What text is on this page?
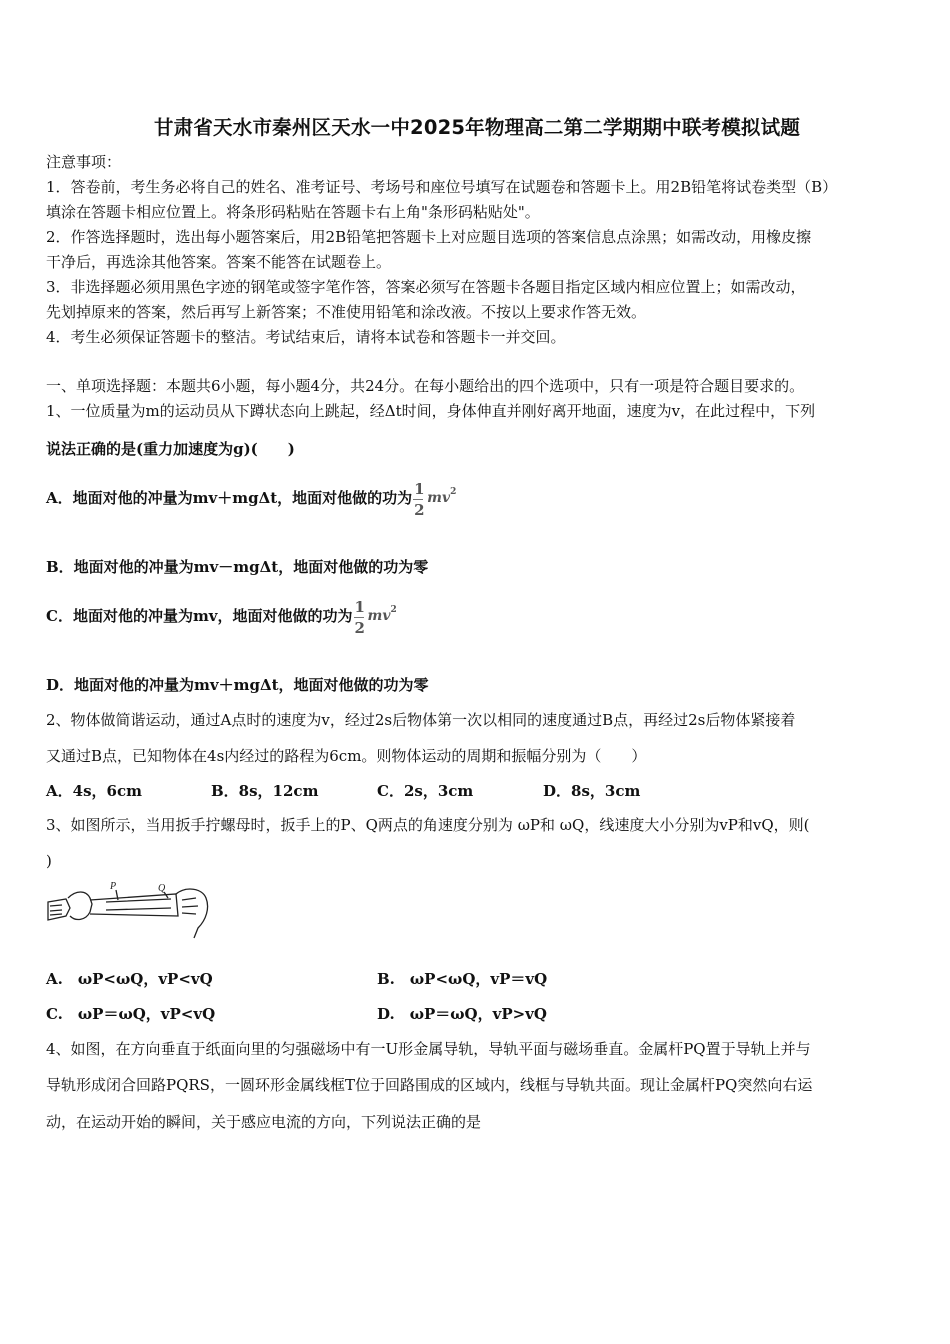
甘肃省天水市秦州区天水一中2025年物理高二第二学期期中联考模拟试题
注意事项：
1．答卷前，考生务必将自己的姓名、准考证号、考场号和座位号填写在试题卷和答题卡上。用2B铅笔将试卷类型（B）
填涂在答题卡相应位置上。将条形码粘贴在答题卡右上角"条形码粘贴处"。
2．作答选择题时，选出每小题答案后，用2B铅笔把答题卡上对应题目选项的答案信息点涂黑；如需改动，用橡皮擦
干净后，再选涂其他答案。答案不能答在试题卷上。
3．非选择题必须用黑色字迹的钢笔或签字笔作答，答案必须写在答题卡各题目指定区域内相应位置上；如需改动，
先划掉原来的答案，然后再写上新答案；不准使用铅笔和涂改液。不按以上要求作答无效。
4．考生必须保证答题卡的整洁。考试结束后，请将本试卷和答题卡一并交回。
一、单项选择题：本题共6小题，每小题4分，共24分。在每小题给出的四个选项中，只有一项是符合题目要求的。
1、一位质量为m的运动员从下蹲状态向上跳起，经Δt时间，身体伸直并刚好离开地面，速度为v，在此过程中，下列
说法正确的是(重力加速度为g)(　　)
A．地面对他的冲量为mv＋mgΔt，地面对他做的功为 1
2
mv 2
B．地面对他的冲量为mv－mgΔt，地面对他做的功为零
C．地面对他的冲量为mv，地面对他做的功为 1
2
mv 2
D．地面对他的冲量为mv＋mgΔt，地面对他做的功为零
2、物体做简谐运动，通过A点时的速度为v，经过2s后物体第一次以相同的速度通过B点，再经过2s后物体紧接着
又通过B点，已知物体在4s内经过的路程为6cm。则物体运动的周期和振幅分别为（　　）
A．4s，6cm	B．8s，12cm	C．2s，3cm	D．8s，3cm
3、如图所示，当用扳手拧螺母时，扳手上的P、Q两点的角速度分别为 ωP和 ωQ，线速度大小分别为vP和vQ，则(
)
P	Q
A.　ωP<ωQ，vP<vQ	B.　ωP<ωQ，vP＝vQ
C.　ωP＝ωQ，vP<vQ	D.　ωP＝ωQ，vP>vQ
4、如图，在方向垂直于纸面向里的匀强磁场中有一U形金属导轨，导轨平面与磁场垂直。金属杆PQ置于导轨上并与
导轨形成闭合回路PQRS，一圆环形金属线框T位于回路围成的区域内，线框与导轨共面。现让金属杆PQ突然向右运
动，在运动开始的瞬间，关于感应电流的方向，下列说法正确的是
